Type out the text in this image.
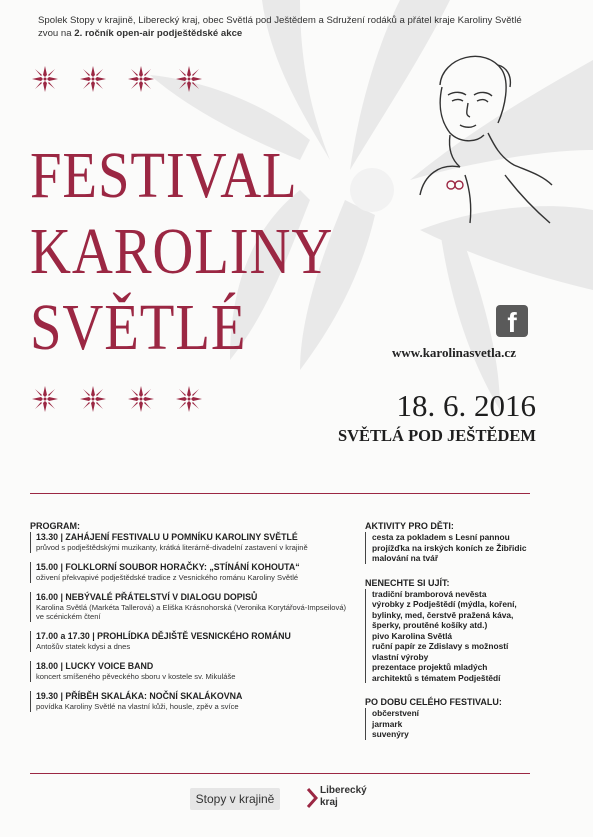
Spolek Stopy v krajině, Liberecký kraj, obec Světlá pod Ještědem a Sdružení rodáků a přátel kraje Karoliny Světlé
zvou na 2. ročník open-air podještědské akce
FESTIVAL
KAROLINY
SVĚTLÉ	f
www.karolinasvetla.cz
18. 6. 2016
SVĚTLÁ POD JEŠTĚDEM
PROGRAM:
13.30 | ZAHÁJENÍ FESTIVALU U POMNÍKU KAROLINY SVĚTLÉ
průvod s podještědskými muzikanty, krátká literárně-divadelní zastavení v krajině
15.00 | FOLKLORNÍ SOUBOR HORAČKY: „STÍNÁNÍ KOHOUTA“
oživení překvapivé podještědské tradice z Vesnického románu Karoliny Světlé
16.00 | NEBÝVALÉ PŘÁTELSTVÍ V DIALOGU DOPISŮ
Karolina Světlá (Markéta Tallerová) a Eliška Krásnohorská (Veronika Korytářová-Impseilová)
ve scénickém čtení
17.00 a 17.30 | PROHLÍDKA DĚJIŠTĚ VESNICKÉHO ROMÁNU
Antošův statek kdysi a dnes
18.00 | LUCKY VOICE BAND
koncert smíšeného pěveckého sboru v kostele sv. Mikuláše
19.30 | PŘÍBĚH SKALÁKA: NOČNÍ SKALÁKOVNA
povídka Karoliny Světlé na vlastní kůži, housle, zpěv a svíce
AKTIVITY PRO DĚTI:
cesta za pokladem s Lesní pannou
projížďka na irských koních ze Žibřidic
malování na tvář
NENECHTE SI UJÍT:
tradiční bramborová nevěsta
výrobky z Podještědí (mýdla, koření,
bylinky, med, čerstvě pražená káva,
šperky, proutěné košíky atd.)
pivo Karolina Světlá
ruční papír ze Zdislavy s možností
vlastní výroby
prezentace projektů mladých
architektů s tématem Podještědí
PO DOBU CELÉHO FESTIVALU:
občerstvení
jarmark
suvenýry
Stopy v krajině
Liberecký
kraj
